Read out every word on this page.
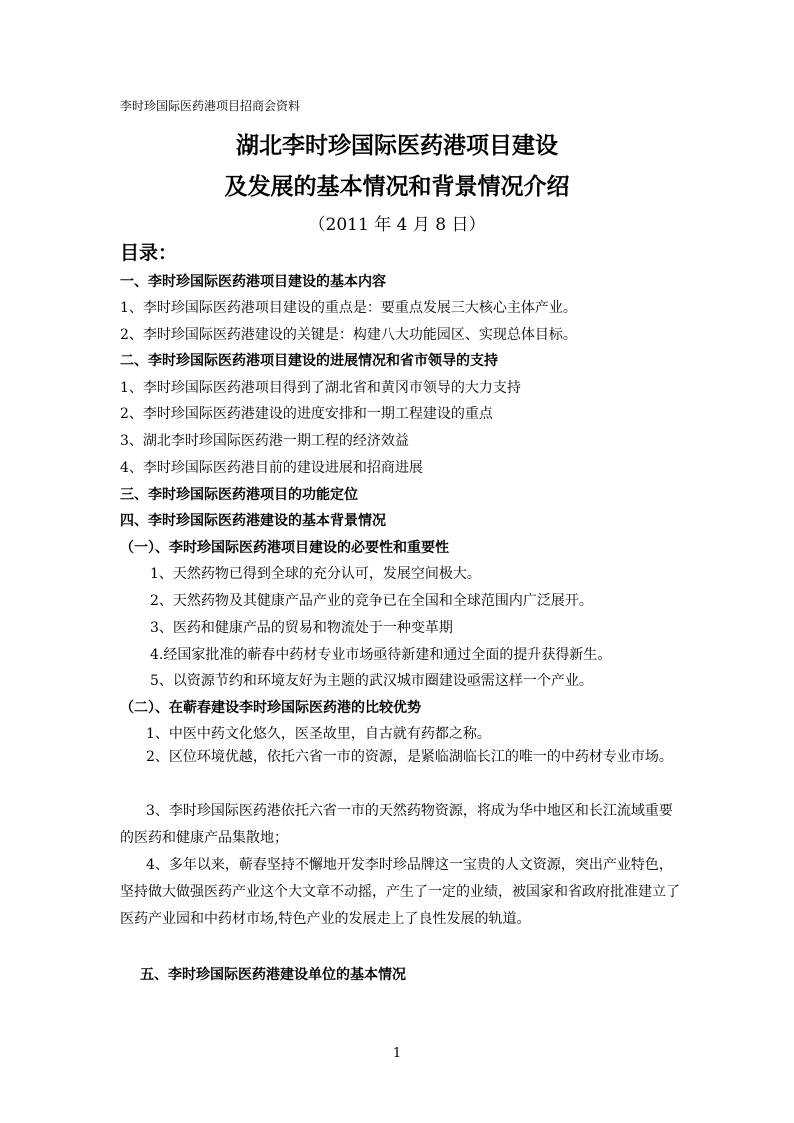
李时珍国际医药港项目招商会资料
湖北李时珍国际医药港项目建设
及发展的基本情况和背景情况介绍
（2011 年 4 月 8 日）
目录：
一、李时珍国际医药港项目建设的基本内容
1、李时珍国际医药港项目建设的重点是：要重点发展三大核心主体产业。
2、李时珍国际医药港建设的关键是：构建八大功能园区、实现总体目标。
二、李时珍国际医药港项目建设的进展情况和省市领导的支持
1、李时珍国际医药港项目得到了湖北省和黄冈市领导的大力支持
2、李时珍国际医药港建设的进度安排和一期工程建设的重点
3、湖北李时珍国际医药港一期工程的经济效益
4、李时珍国际医药港目前的建设进展和招商进展
三、李时珍国际医药港项目的功能定位
四、李时珍国际医药港建设的基本背景情况
（一）、李时珍国际医药港项目建设的必要性和重要性
1、天然药物已得到全球的充分认可，发展空间极大。
2、天然药物及其健康产品产业的竞争已在全国和全球范围内广泛展开。
3、医药和健康产品的贸易和物流处于一种变革期
4.经国家批准的蕲春中药材专业市场亟待新建和通过全面的提升获得新生。
5、以资源节约和环境友好为主题的武汉城市圈建设亟需这样一个产业。
（二）、在蕲春建设李时珍国际医药港的比较优势
1、中医中药文化悠久，医圣故里，自古就有药都之称。
2、区位环境优越，依托六省一市的资源，是紧临湖临长江的唯一的中药材专业市场。
3、李时珍国际医药港依托六省一市的天然药物资源，将成为华中地区和长江流域重要的医药和健康产品集散地；
4、多年以来，蕲春坚持不懈地开发李时珍品牌这一宝贵的人文资源，突出产业特色，坚持做大做强医药产业这个大文章不动摇，产生了一定的业绩，被国家和省政府批准建立了医药产业园和中药材市场,特色产业的发展走上了良性发展的轨道。
五、李时珍国际医药港建设单位的基本情况
1
